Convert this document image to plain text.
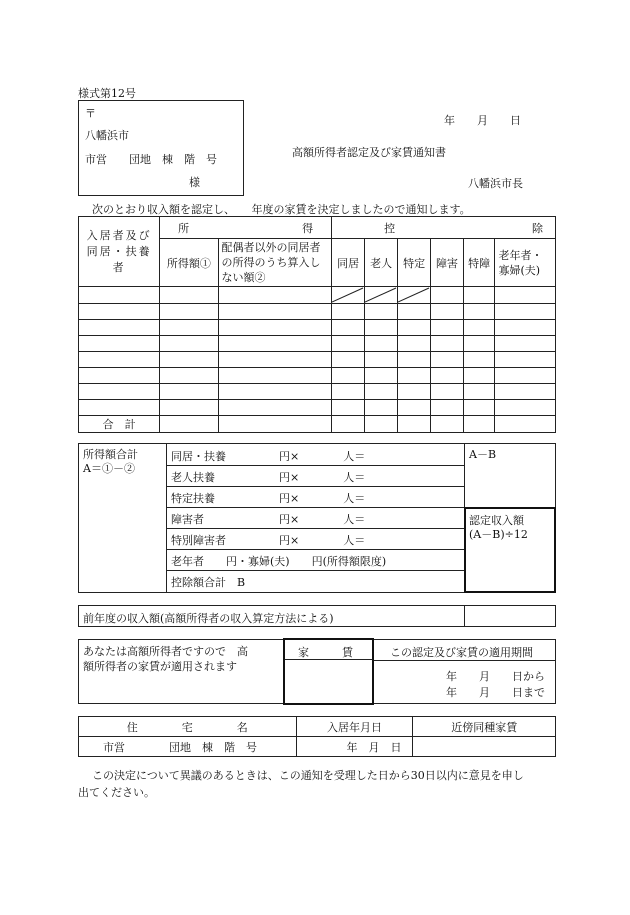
様式第12号
〒
八幡浜市
市営　　団地　棟　階　号
様
年　　月　　日
高額所得者認定及び家賃通知書
八幡浜市長
次のとおり収入額を認定し、　　年度の家賃を決定しましたので通知します。
入居者及び同居・扶養者	所 得		控 除					

	所得額①	配偶者以外の同居者の所得のうち算入しない額②	同居	老人	特定	障害	特障	老年者・寡婦(夫)

合　計								
所得額合計
A＝①－②
同居・扶養	円×　　　　人＝
老人扶養	円×　　　　人＝
特定扶養	円×　　　　人＝
障害者	円×　　　　人＝
特別障害者	円×　　　　人＝
老年者　　円・寡婦(夫)　　円(所得額限度)
控除額合計　B
A－B
認定収入額
(A－B)÷12
前年度の収入額(高額所得者の収入算定方法による)
あなたは高額所得者ですので　高
額所得者の家賃が適用されます
この認定及び家賃の適用期間
年　　月　　日から
年　　月　　日まで
家　　　賃
住　　　　宅　　　　名	入居年月日	近傍同種家賃
市営　　　　団地　棟　階　号	年　月　日	
この決定について異議のあるときは、この通知を受理した日から30日以内に意見を申し
出てください。
